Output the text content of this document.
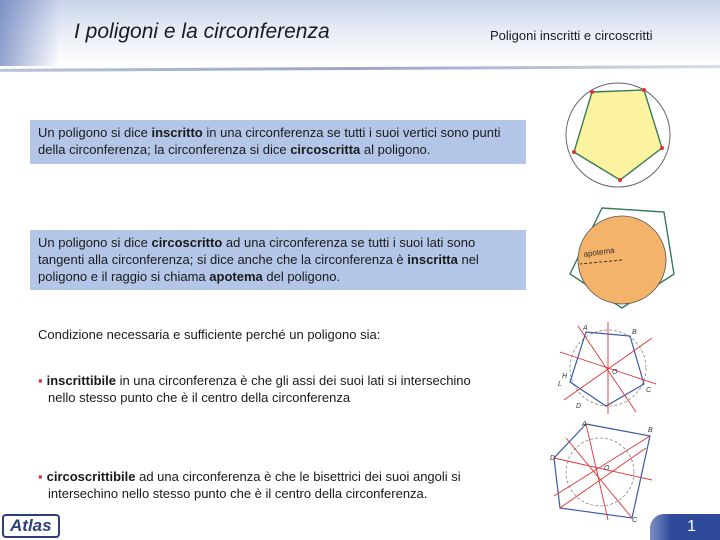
I poligoni e la circonferenza	Poligoni inscritti e circoscritti
Un poligono si dice inscritto in una circonferenza se tutti i suoi vertici sono punti della circonferenza; la circonferenza si dice circoscritta al poligono.
Un poligono si dice circoscritto ad una circonferenza se tutti i suoi lati sono tangenti alla circonferenza; si dice anche che la circonferenza è inscritta nel poligono e il raggio si chiama apotema del poligono.
Condizione necessaria e sufficiente perché un poligono sia:
▪ inscrittibile in una circonferenza è che gli assi dei suoi lati si intersechino
nello stesso punto che è il centro della circonferenza
▪ circoscrittibile ad una circonferenza è che le bisettrici dei suoi angoli si
intersechino nello stesso punto che è il centro della circonferenza.
apotema
A
B
C
D
O
H
L
A
B
C
D
O
Atlas	1
